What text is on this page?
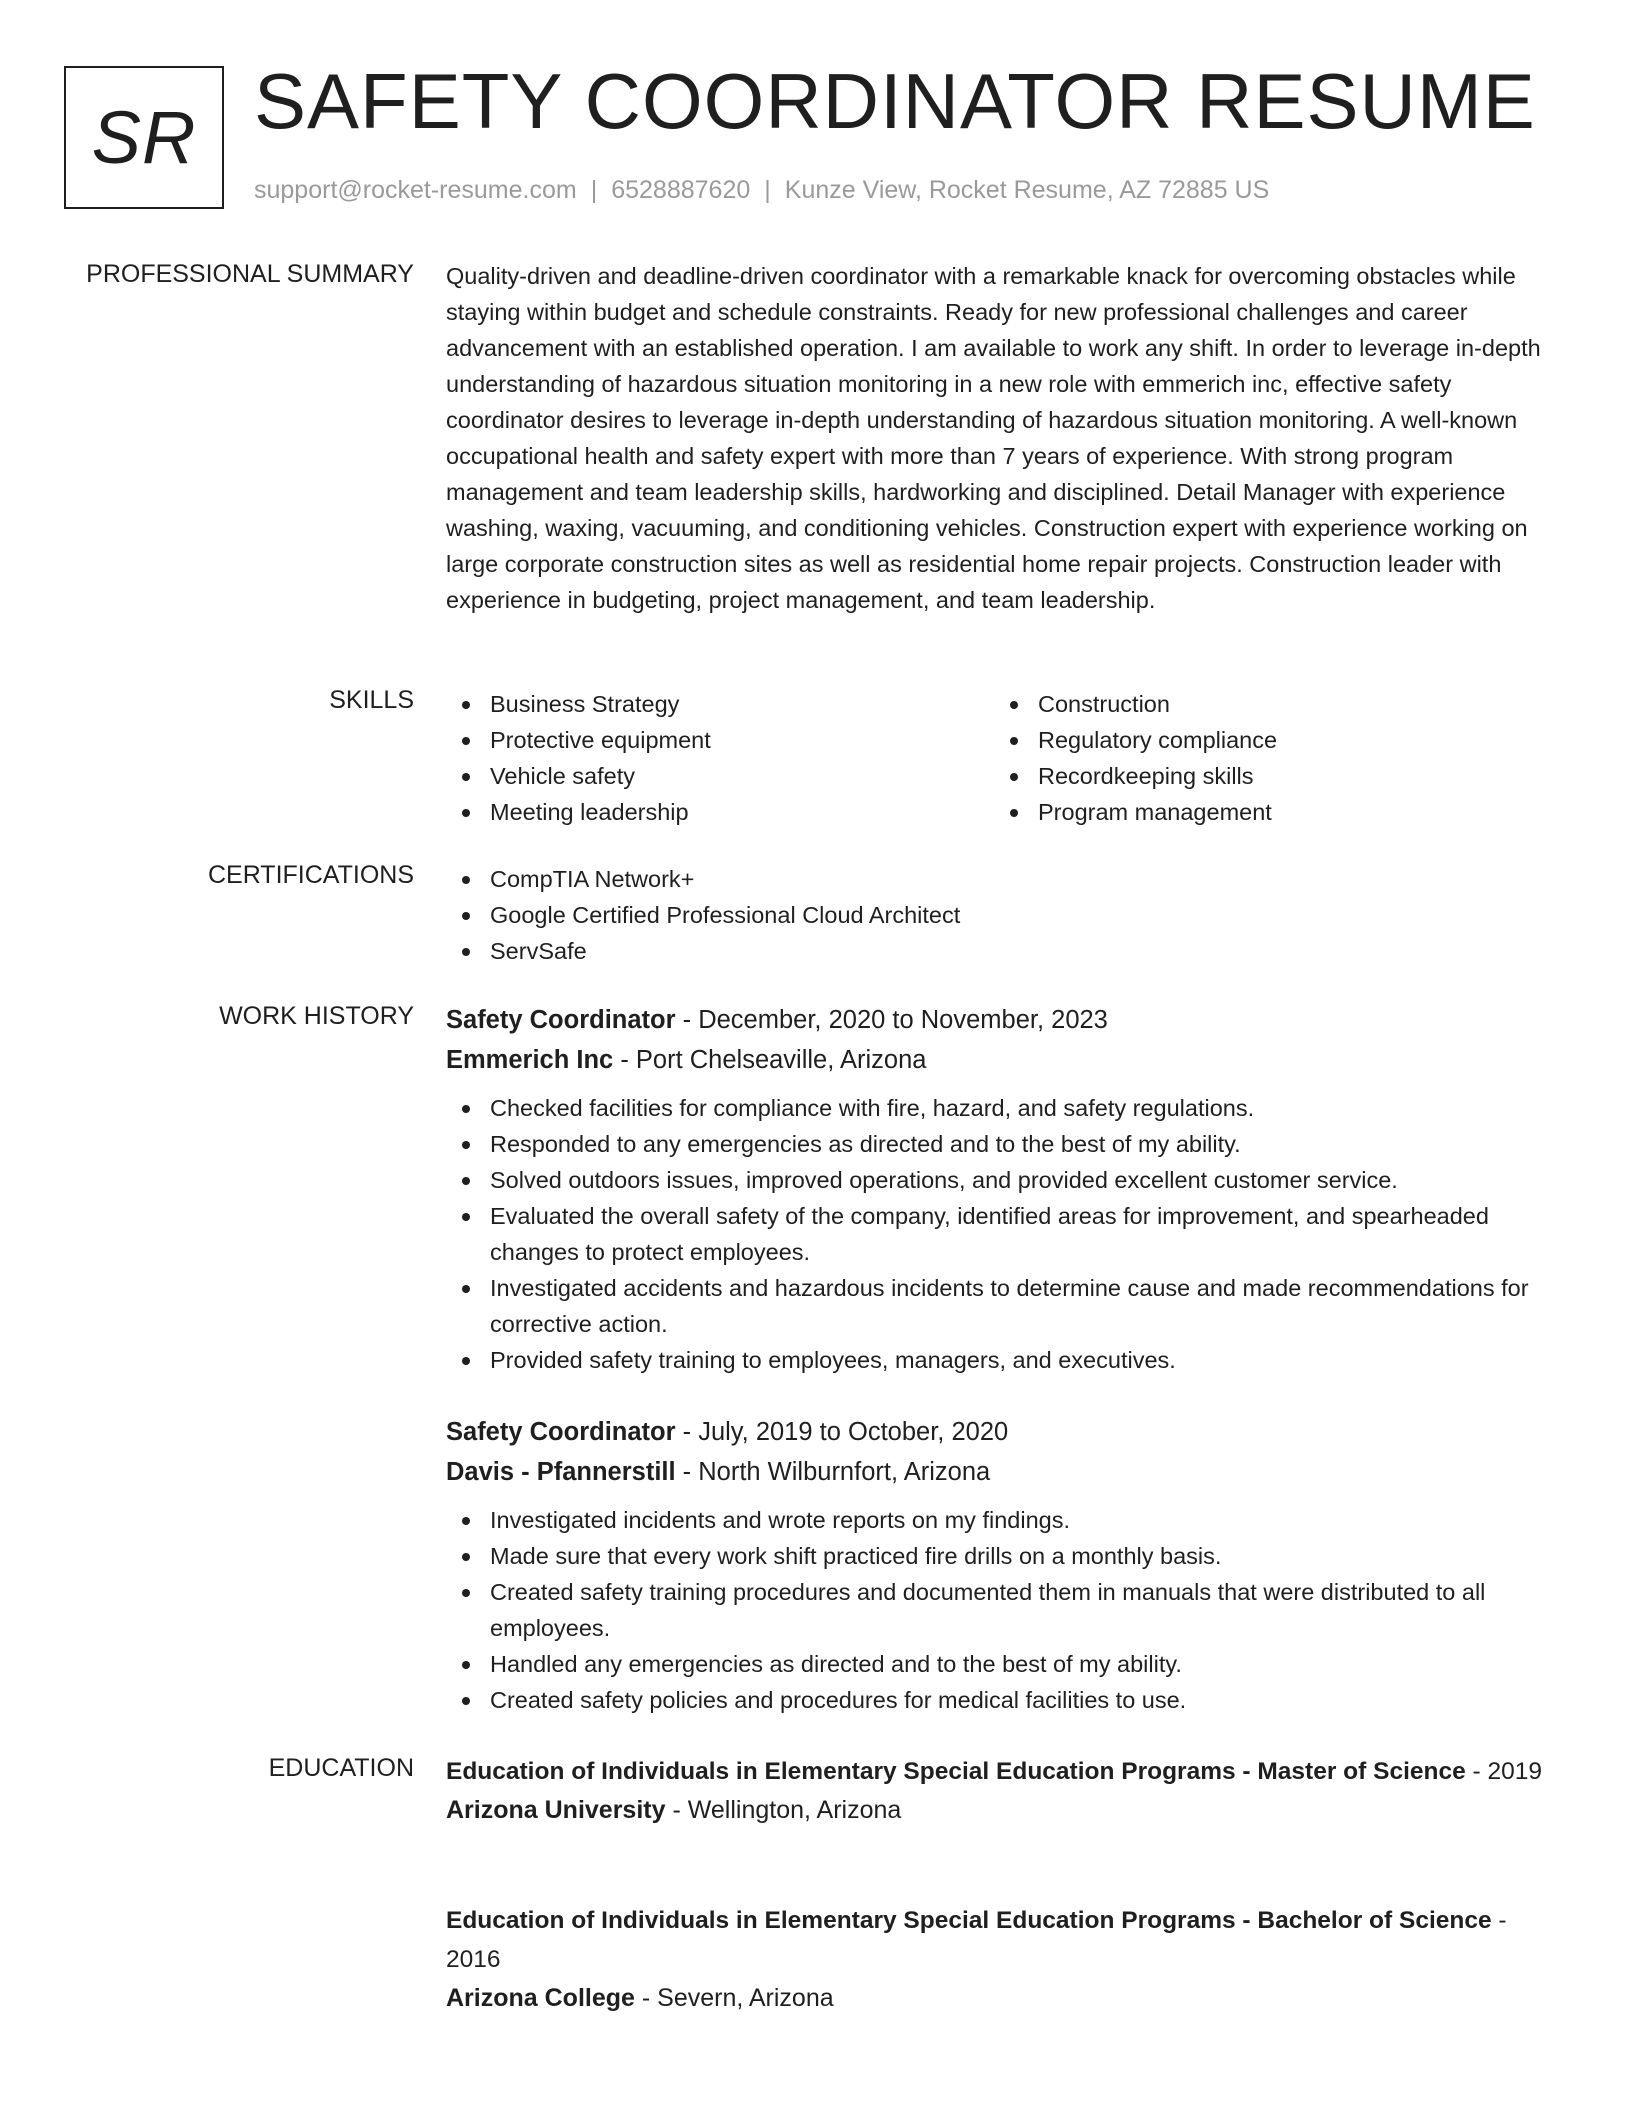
SR SAFETY COORDINATOR RESUME
support@rocket-resume.com | 6528887620 | Kunze View, Rocket Resume, AZ 72885 US
PROFESSIONAL SUMMARY Quality-driven and deadline-driven coordinator with a remarkable knack for overcoming obstacles while staying within budget and schedule constraints. Ready for new professional challenges and career advancement with an established operation. I am available to work any shift. In order to leverage in-depth understanding of hazardous situation monitoring in a new role with emmerich inc, effective safety coordinator desires to leverage in-depth understanding of hazardous situation monitoring. A well-known occupational health and safety expert with more than 7 years of experience. With strong program management and team leadership skills, hardworking and disciplined. Detail Manager with experience washing, waxing, vacuuming, and conditioning vehicles. Construction expert with experience working on large corporate construction sites as well as residential home repair projects. Construction leader with experience in budgeting, project management, and team leadership.
SKILLS	Business Strategy
Protective equipment
Vehicle safety
Meeting leadership
Construction
Regulatory compliance
Recordkeeping skills
Program management
CERTIFICATIONS	CompTIA Network+
Google Certified Professional Cloud Architect
ServSafe
WORK HISTORY Safety Coordinator - December, 2020 to November, 2023
Emmerich Inc - Port Chelseaville, Arizona
Checked facilities for compliance with fire, hazard, and safety regulations.
Responded to any emergencies as directed and to the best of my ability.
Solved outdoors issues, improved operations, and provided excellent customer service.
Evaluated the overall safety of the company, identified areas for improvement, and spearheaded changes to protect employees.
Investigated accidents and hazardous incidents to determine cause and made recommendations for corrective action.
Provided safety training to employees, managers, and executives.
Safety Coordinator - July, 2019 to October, 2020
Davis - Pfannerstill - North Wilburnfort, Arizona
Investigated incidents and wrote reports on my findings.
Made sure that every work shift practiced fire drills on a monthly basis.
Created safety training procedures and documented them in manuals that were distributed to all employees.
Handled any emergencies as directed and to the best of my ability.
Created safety policies and procedures for medical facilities to use.
EDUCATION Education of Individuals in Elementary Special Education Programs - Master of Science - 2019
Arizona University - Wellington, Arizona
Education of Individuals in Elementary Special Education Programs - Bachelor of Science - 2016
Arizona College - Severn, Arizona
